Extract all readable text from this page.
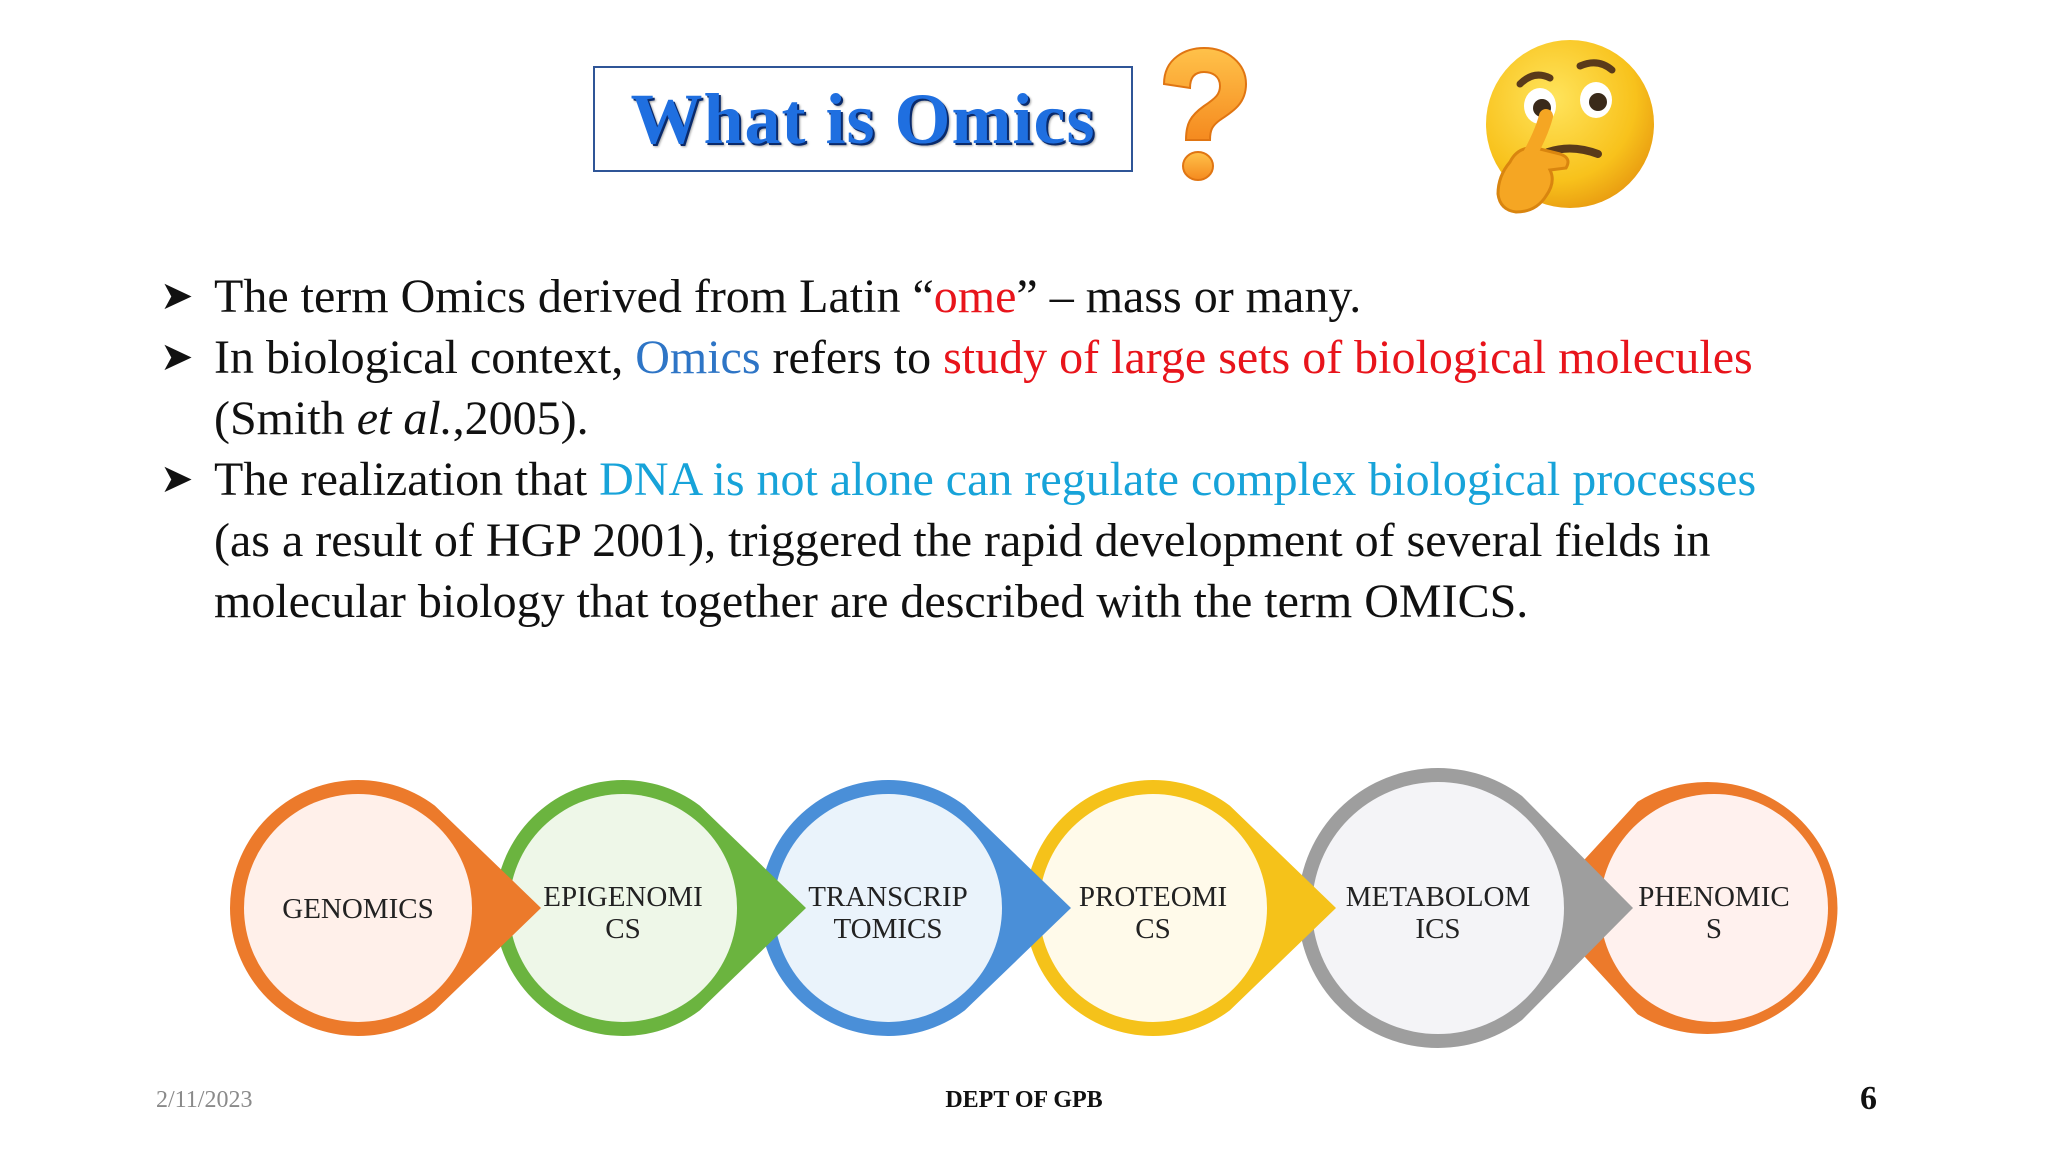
What is Omics
➤ The term Omics derived from Latin “ome” – mass or many.
➤ In biological context, Omics refers to study of large sets of biological molecules (Smith et al.,2005).
➤ The realization that DNA is not alone can regulate complex biological processes (as a result of HGP 2001), triggered the rapid development of several fields in molecular biology that together are described with the term OMICS.
PHENOMIC
S
METABOLOM
ICS
PROTEOMI
CS
TRANSCRIP
TOMICS
EPIGENOMI
CS
GENOMICS
2/11/2023	DEPT OF GPB	6
